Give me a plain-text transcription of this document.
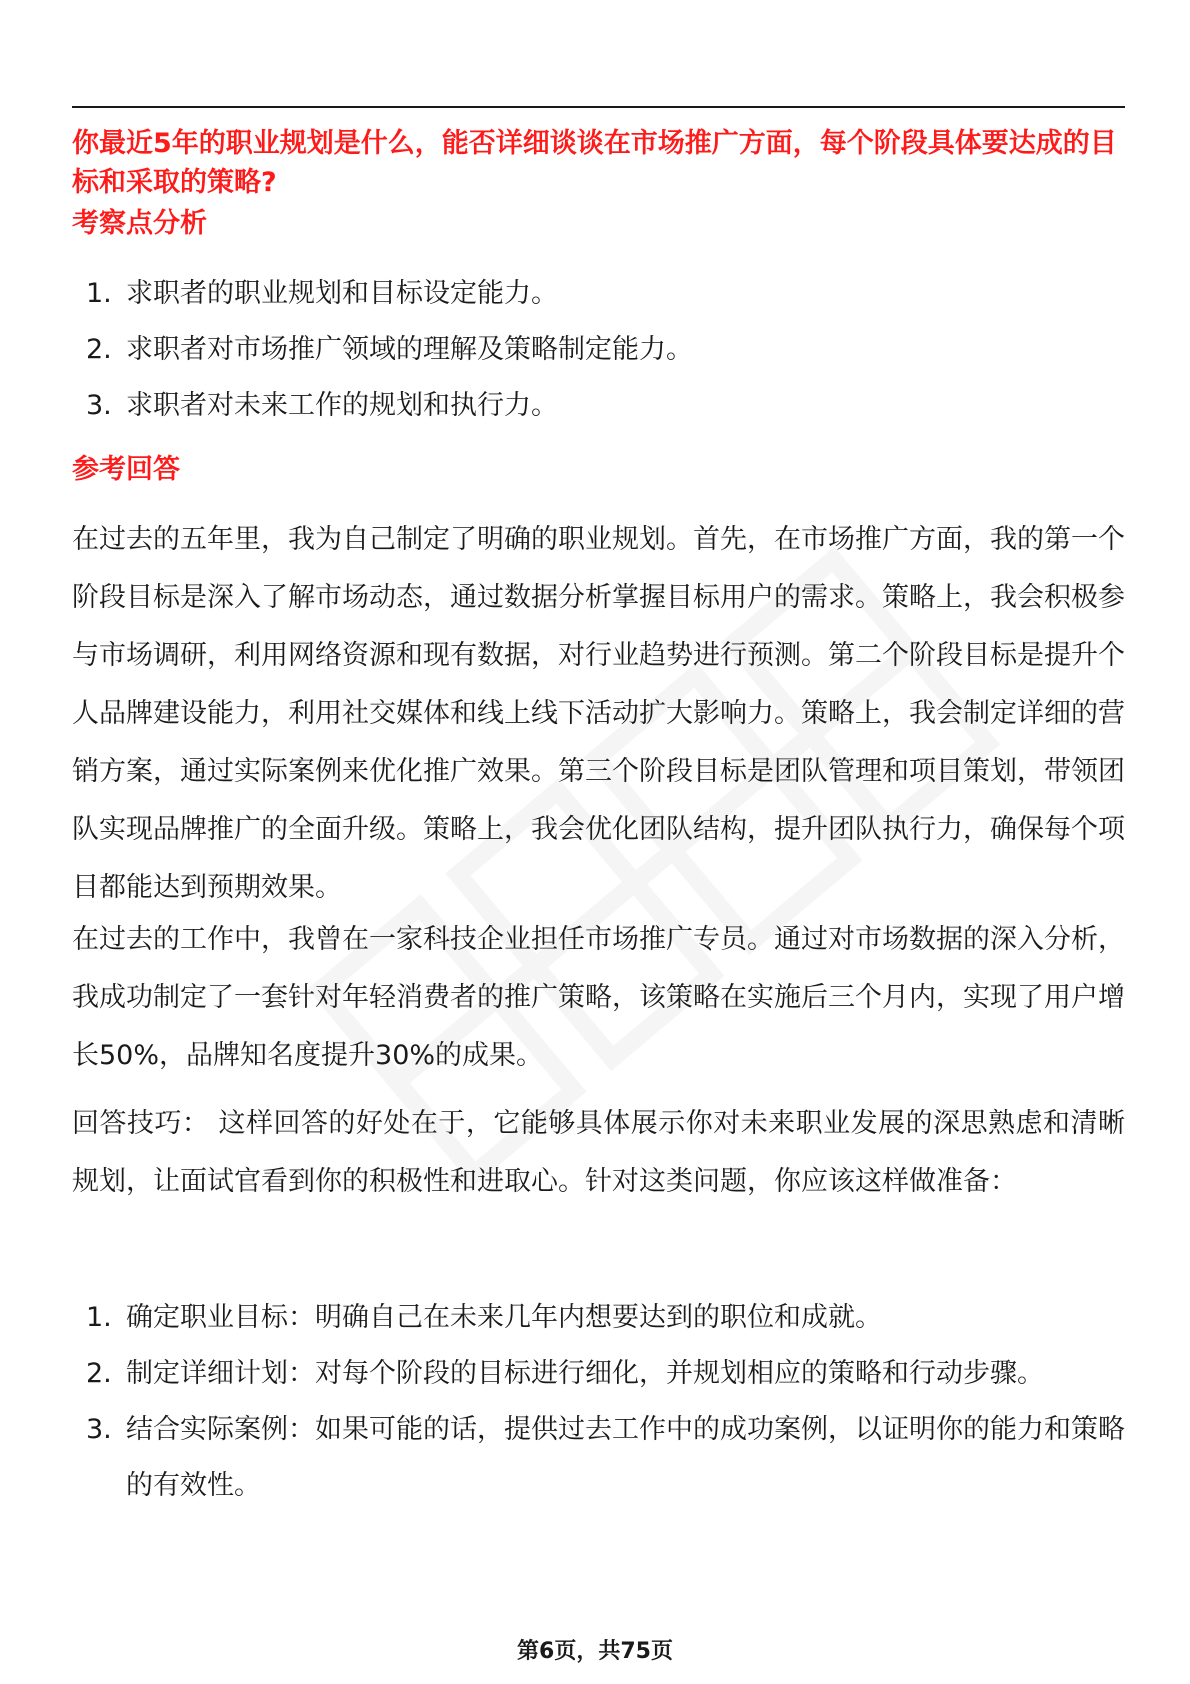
你最近5年的职业规划是什么，能否详细谈谈在市场推广方面，每个阶段具体要达成的目标和采取的策略?
考察点分析
1. 求职者的职业规划和目标设定能力。
2. 求职者对市场推广领域的理解及策略制定能力。
3. 求职者对未来工作的规划和执行力。
参考回答

在过去的五年里，我为自己制定了明确的职业规划。首先，在市场推广方面，我的第一个阶段目标是深入了解市场动态，通过数据分析掌握目标用户的需求。策略上，我会积极参与市场调研，利用网络资源和现有数据，对行业趋势进行预测。第二个阶段目标是提升个人品牌建设能力，利用社交媒体和线上线下活动扩大影响力。策略上，我会制定详细的营销方案，通过实际案例来优化推广效果。第三个阶段目标是团队管理和项目策划，带领团队实现品牌推广的全面升级。策略上，我会优化团队结构，提升团队执行力，确保每个项目都能达到预期效果。

在过去的工作中，我曾在一家科技企业担任市场推广专员。通过对市场数据的深入分析，我成功制定了一套针对年轻消费者的推广策略，该策略在实施后三个月内，实现了用户增长50%，品牌知名度提升30%的成果。

回答技巧： 这样回答的好处在于，它能够具体展示你对未来职业发展的深思熟虑和清晰规划，让面试官看到你的积极性和进取心。针对这类问题，你应该这样做准备：

1. 确定职业目标：明确自己在未来几年内想要达到的职位和成就。
2. 制定详细计划：对每个阶段的目标进行细化，并规划相应的策略和行动步骤。
3. 结合实际案例：如果可能的话，提供过去工作中的成功案例，以证明你的能力和策略的有效性。
第6页，共75页
